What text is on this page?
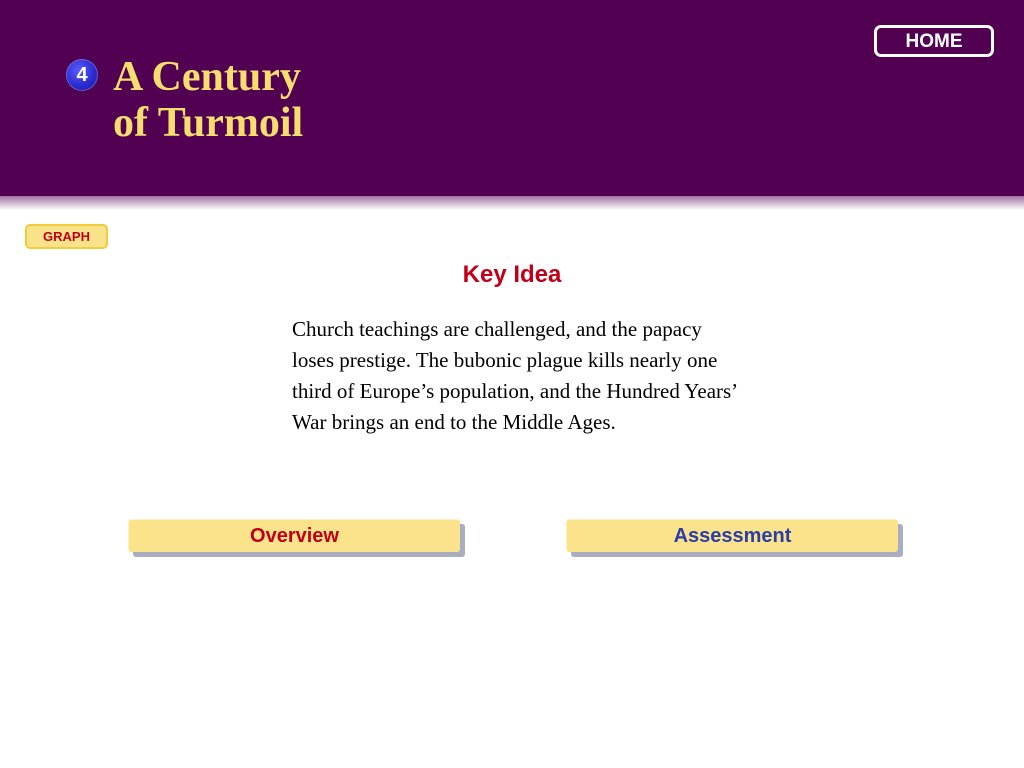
4 A Century
of Turmoil
HOME
GRAPH
Key Idea
Church teachings are challenged, and the papacy loses prestige. The bubonic plague kills nearly one third of Europe’s population, and the Hundred Years’ War brings an end to the Middle Ages.
Overview	Assessment
